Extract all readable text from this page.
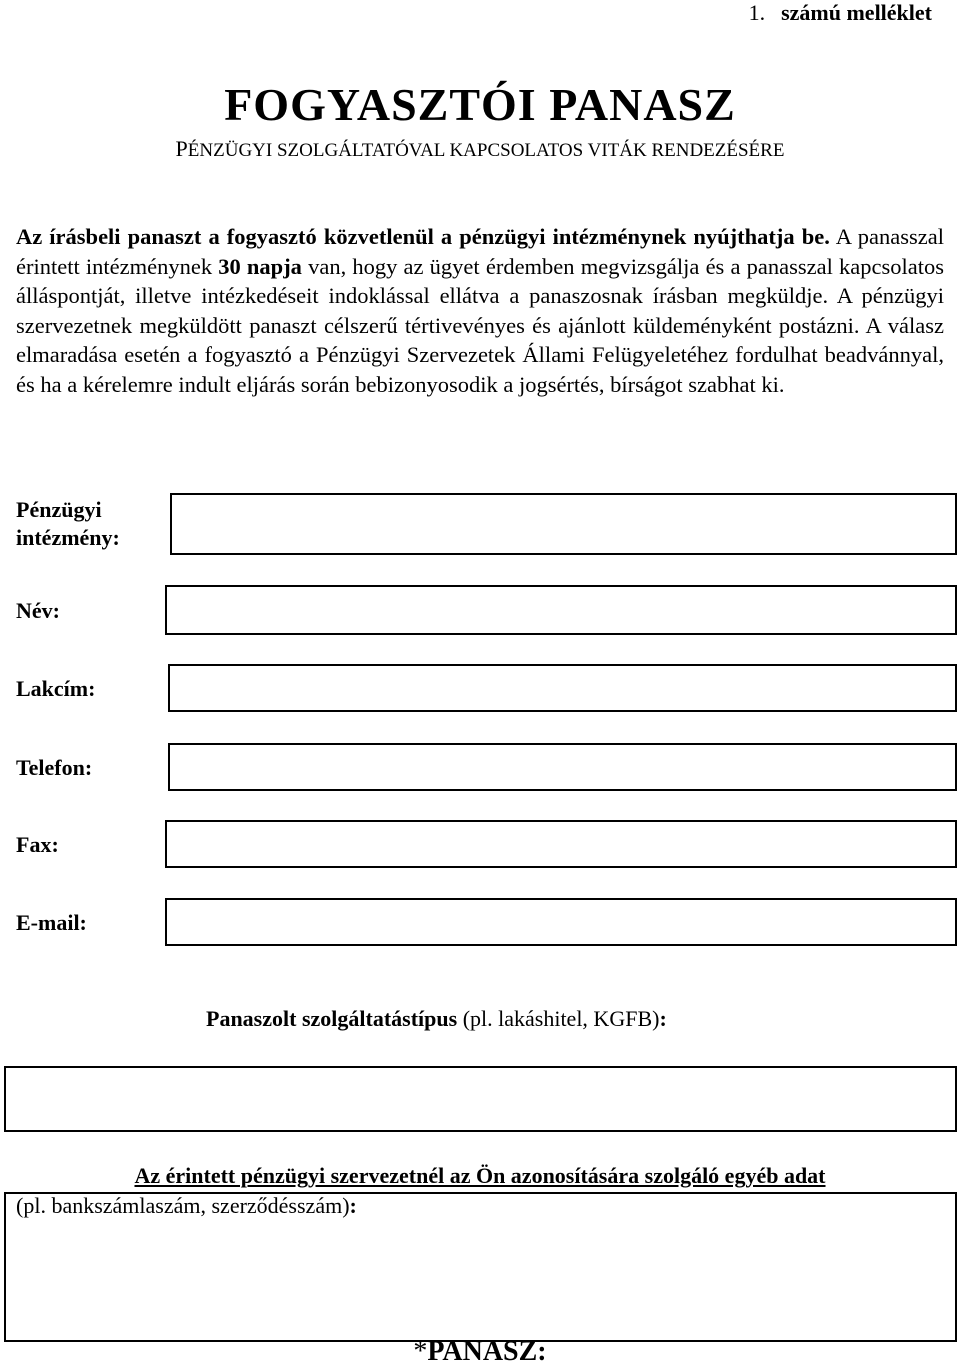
1. számú melléklet
FOGYASZTÓI PANASZ

PÉNZÜGYI SZOLGÁLTATÓVAL KAPCSOLATOS VITÁK RENDEZÉSÉRE

Az írásbeli panaszt a fogyasztó közvetlenül a pénzügyi intézménynek nyújthatja be. A panasszal érintett intézménynek 30 napja van, hogy az ügyet érdemben megvizsgálja és a panasszal kapcsolatos álláspontját, illetve intézkedéseit indoklással ellátva a panaszosnak írásban megküldje. A pénzügyi szervezetnek megküldött panaszt célszerű tértivevényes és ajánlott küldeményként postázni. A válasz elmaradása esetén a fogyasztó a Pénzügyi Szervezetek Állami Felügyeletéhez fordulhat beadvánnyal, és ha a kérelemre indult eljárás során bebizonyosodik a jogsértés, bírságot szabhat ki.

Pénzügyi
intézmény:
Név:
Lakcím:
Telefon:
Fax:
E-mail:
Panaszolt szolgáltatástípus (pl. lakáshitel, KGFB):
Az érintett pénzügyi szervezetnél az Ön azonosítására szolgáló egyéb adat
(pl. bankszámlaszám, szerződésszám):
*PANASZ:
